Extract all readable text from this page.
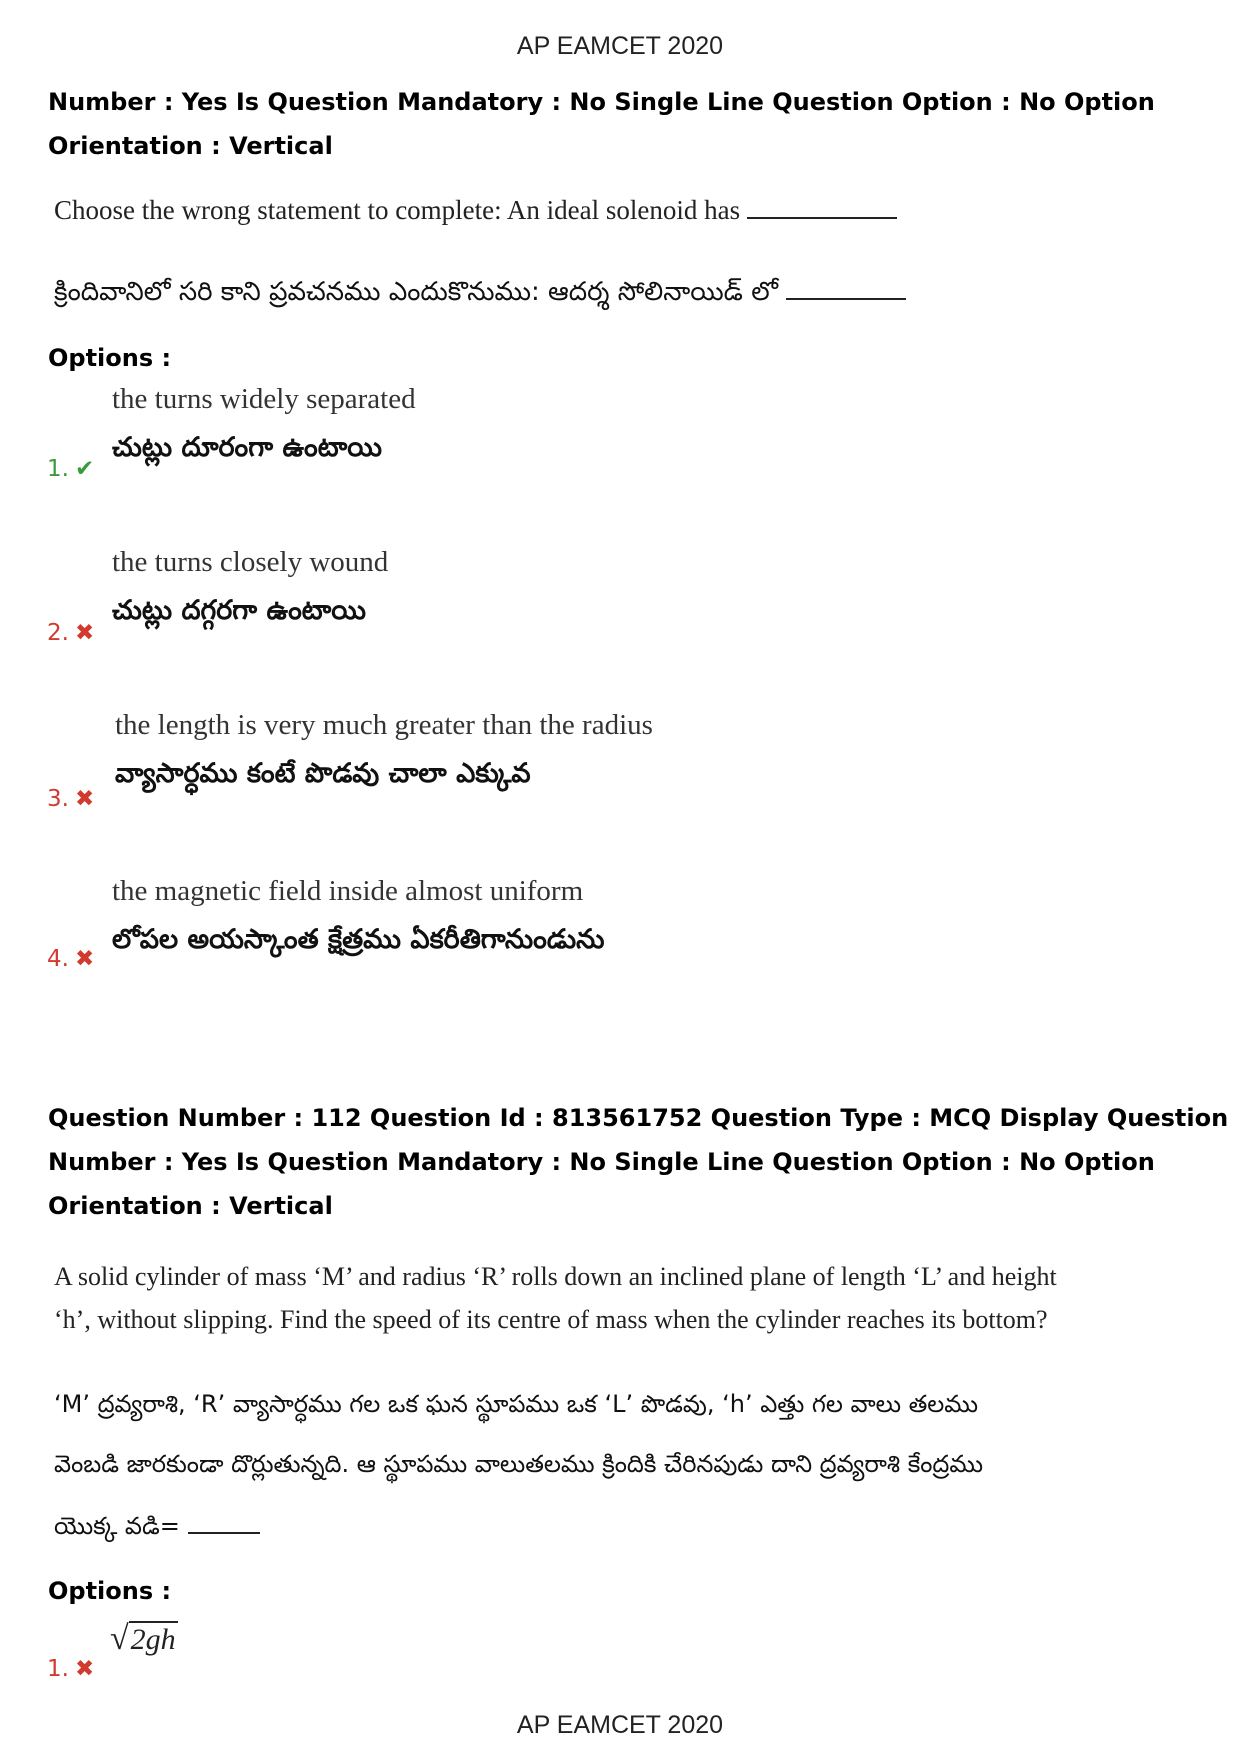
AP EAMCET 2020
Number : Yes Is Question Mandatory : No Single Line Question Option : No Option
Orientation : Vertical
Choose the wrong statement to complete: An ideal solenoid has
క్రిందివానిలో సరి కాని ప్రవచనము ఎందుకొనుము: ఆదర్శ సోలినాయిడ్ లో
Options :
the turns widely separated
చుట్లు దూరంగా ఉంటాయి
1. ✔
the turns closely wound
చుట్లు దగ్గరగా ఉంటాయి
2. ✖
the length is very much greater than the radius
వ్యాసార్ధము కంటే పొడవు చాలా ఎక్కువ
3. ✖
the magnetic field inside almost uniform
లోపల అయస్కాంత క్షేత్రము ఏకరీతిగానుండును
4. ✖
Question Number : 112 Question Id : 813561752 Question Type : MCQ Display Question
Number : Yes Is Question Mandatory : No Single Line Question Option : No Option
Orientation : Vertical
A solid cylinder of mass ‘M’ and radius ‘R’ rolls down an inclined plane of length ‘L’ and height
‘h’, without slipping. Find the speed of its centre of mass when the cylinder reaches its bottom?
‘M’ ద్రవ్యరాశి, ‘R’ వ్యాసార్ధము గల ఒక ఘన స్థూపము ఒక ‘L’ పొడవు, ‘h’ ఎత్తు గల వాలు తలము
వెంబడి జారకుండా దొర్లుతున్నది. ఆ స్థూపము వాలుతలము క్రిందికి చేరినపుడు దాని ద్రవ్యరాశి కేంద్రము
యొక్క వడి=
Options :
√2gh
1. ✖
AP EAMCET 2020
